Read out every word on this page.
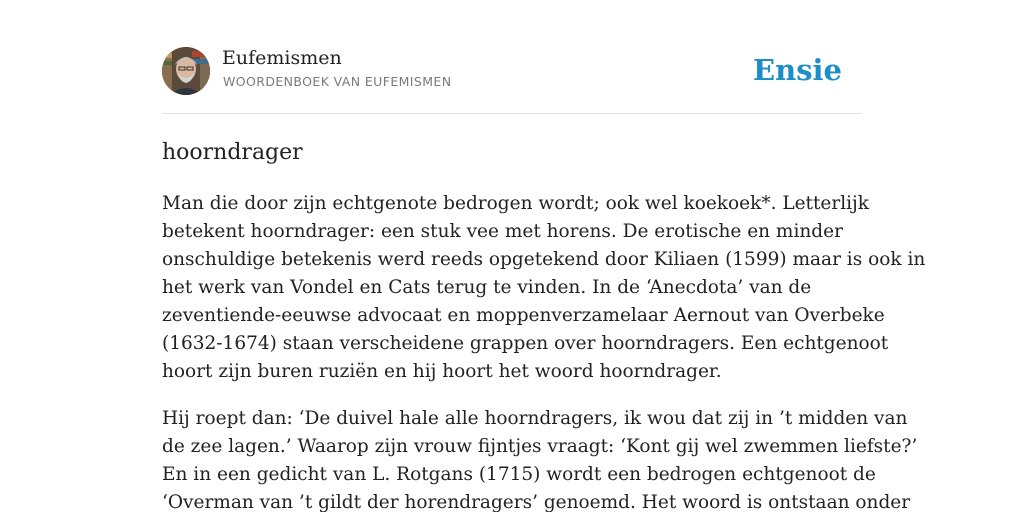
Eufemismen
WOORDENBOEK VAN EUFEMISMEN	Ensie
hoorndrager

Man die door zijn echtgenote bedrogen wordt; ook wel koekoek*. Letterlijk
betekent hoorndrager: een stuk vee met horens. De erotische en minder
onschuldige betekenis werd reeds opgetekend door Kiliaen (1599) maar is ook in
het werk van Vondel en Cats terug te vinden. In de ‘Anecdota’ van de
zeventiende-eeuwse advocaat en moppenverzamelaar Aernout van Overbeke
(1632-1674) staan verscheidene grappen over hoorndragers. Een echtgenoot
hoort zijn buren ruziën en hij hoort het woord hoorndrager.

Hij roept dan: ‘De duivel hale alle hoorndragers, ik wou dat zij in ’t midden van
de zee lagen.’ Waarop zijn vrouw fijntjes vraagt: ‘Kont gij wel zwemmen liefste?’
En in een gedicht van L. Rotgans (1715) wordt een bedrogen echtgenoot de
‘Overman van ’t gildt der horendragers’ genoemd. Het woord is ontstaan onder
